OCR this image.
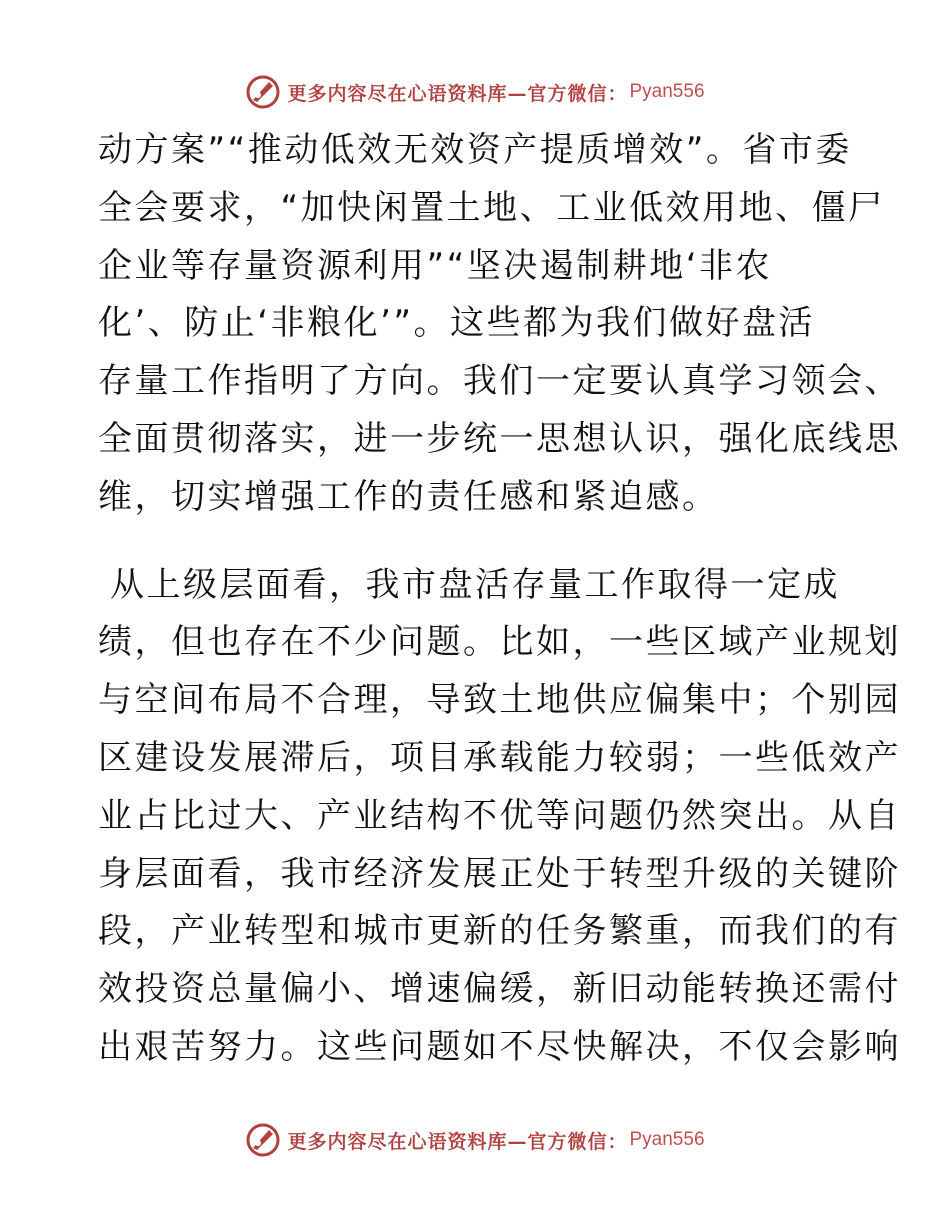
更多内容尽在心语资料库—官方微信： Pyan556
动方案”“推动低效无效资产提质增效”。省市委
全会要求，“加快闲置土地、工业低效用地、僵尸
企业等存量资源利用”“坚决遏制耕地‘非农
化’、防止‘非粮化’”。这些都为我们做好盘活
存量工作指明了方向。我们一定要认真学习领会、
全面贯彻落实，进一步统一思想认识，强化底线思
维，切实增强工作的责任感和紧迫感。
从上级层面看，我市盘活存量工作取得一定成
绩，但也存在不少问题。比如，一些区域产业规划
与空间布局不合理，导致土地供应偏集中；个别园
区建设发展滞后，项目承载能力较弱；一些低效产
业占比过大、产业结构不优等问题仍然突出。从自
身层面看，我市经济发展正处于转型升级的关键阶
段，产业转型和城市更新的任务繁重，而我们的有
效投资总量偏小、增速偏缓，新旧动能转换还需付
出艰苦努力。这些问题如不尽快解决，不仅会影响
更多内容尽在心语资料库—官方微信： Pyan556
